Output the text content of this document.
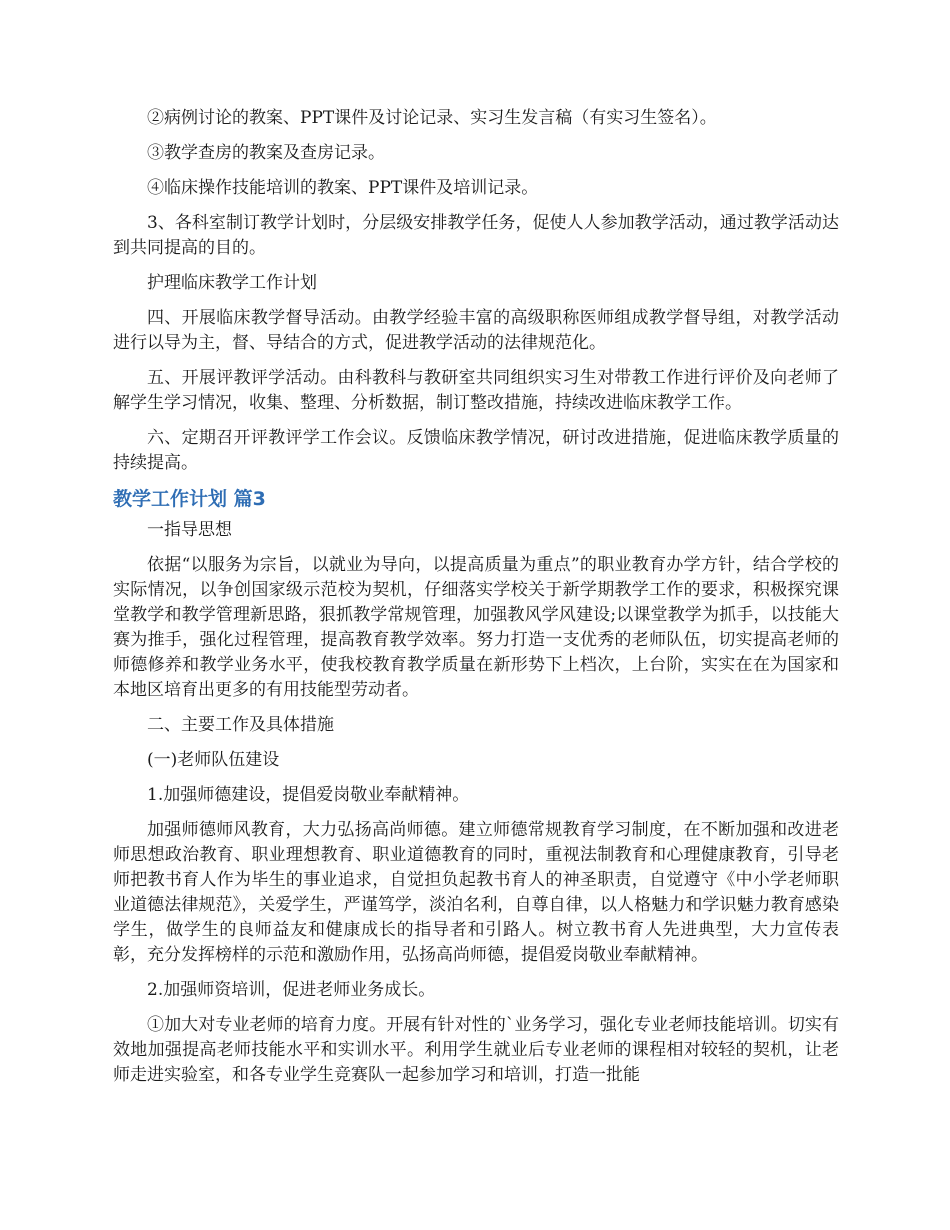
②病例讨论的教案、PPT课件及讨论记录、实习生发言稿（有实习生签名）。

③教学查房的教案及查房记录。

④临床操作技能培训的教案、PPT课件及培训记录。

3、各科室制订教学计划时，分层级安排教学任务，促使人人参加教学活动，通过教学活动达到共同提高的目的。

护理临床教学工作计划

四、开展临床教学督导活动。由教学经验丰富的高级职称医师组成教学督导组，对教学活动进行以导为主，督、导结合的方式，促进教学活动的法律规范化。

五、开展评教评学活动。由科教科与教研室共同组织实习生对带教工作进行评价及向老师了解学生学习情况，收集、整理、分析数据，制订整改措施，持续改进临床教学工作。

六、定期召开评教评学工作会议。反馈临床教学情况，研讨改进措施，促进临床教学质量的持续提高。

教学工作计划 篇3

一指导思想

依据“以服务为宗旨，以就业为导向，以提高质量为重点”的职业教育办学方针，结合学校的实际情况，以争创国家级示范校为契机，仔细落实学校关于新学期教学工作的要求，积极探究课堂教学和教学管理新思路，狠抓教学常规管理，加强教风学风建设;以课堂教学为抓手，以技能大赛为推手，强化过程管理，提高教育教学效率。努力打造一支优秀的老师队伍，切实提高老师的师德修养和教学业务水平，使我校教育教学质量在新形势下上档次，上台阶，实实在在为国家和本地区培育出更多的有用技能型劳动者。

二、主要工作及具体措施

(一)老师队伍建设

1.加强师德建设，提倡爱岗敬业奉献精神。

加强师德师风教育，大力弘扬高尚师德。建立师德常规教育学习制度，在不断加强和改进老师思想政治教育、职业理想教育、职业道德教育的同时，重视法制教育和心理健康教育，引导老师把教书育人作为毕生的事业追求，自觉担负起教书育人的神圣职责，自觉遵守《中小学老师职业道德法律规范》，关爱学生，严谨笃学，淡泊名利，自尊自律，以人格魅力和学识魅力教育感染学生，做学生的良师益友和健康成长的指导者和引路人。树立教书育人先进典型，大力宣传表彰，充分发挥榜样的示范和激励作用，弘扬高尚师德，提倡爱岗敬业奉献精神。

2.加强师资培训，促进老师业务成长。

①加大对专业老师的培育力度。开展有针对性的`业务学习，强化专业老师技能培训。切实有效地加强提高老师技能水平和实训水平。利用学生就业后专业老师的课程相对较轻的契机，让老师走进实验室，和各专业学生竞赛队一起参加学习和培训，打造一批能
